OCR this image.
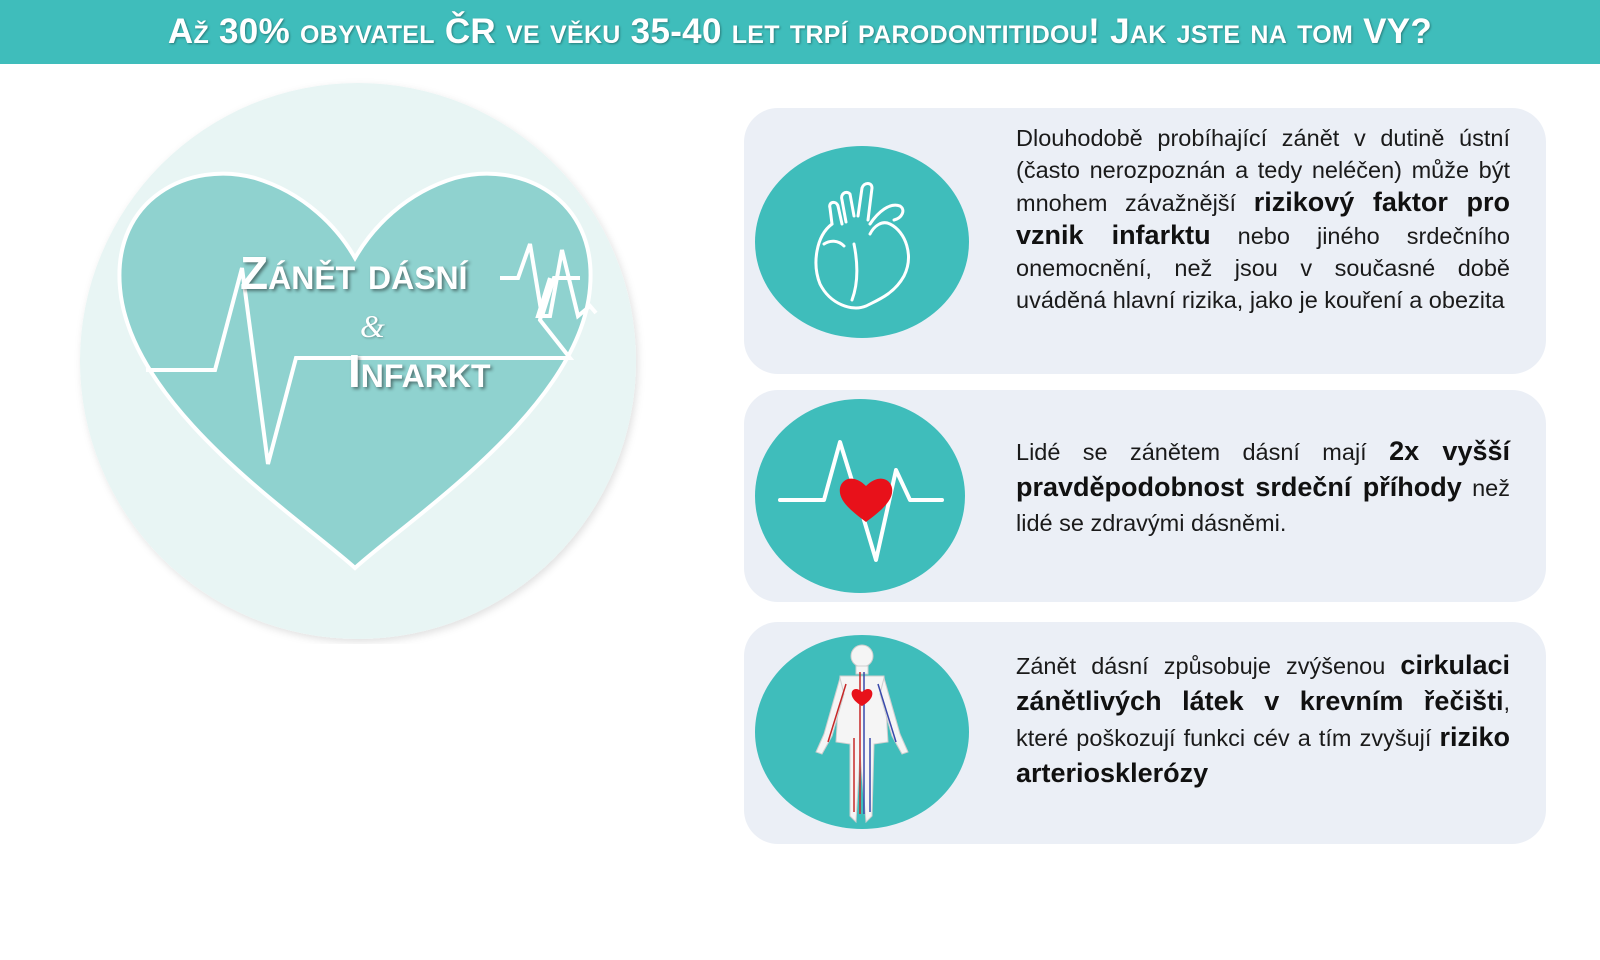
Až 30% obyvatel ČR ve věku 35-40 let trpí parodontitidou! Jak jste na tom VY?
Zánět dásní
&
Infarkt
Dlouhodobě probíhající zánět v dutině ústní (často nerozpoznán a tedy neléčen) může být mnohem závažnější rizikový faktor pro vznik infarktu nebo jiného srdečního onemocnění, než jsou v současné době uváděná hlavní rizika, jako je kouření a obezita
Lidé se zánětem dásní mají 2x vyšší pravděpodobnost srdeční příhody než lidé se zdravými dásněmi.
Zánět dásní způsobuje zvýšenou cirkulaci zánětlivých látek v krevním řečišti, které poškozují funkci cév a tím zvyšují riziko arteriosklerózy
